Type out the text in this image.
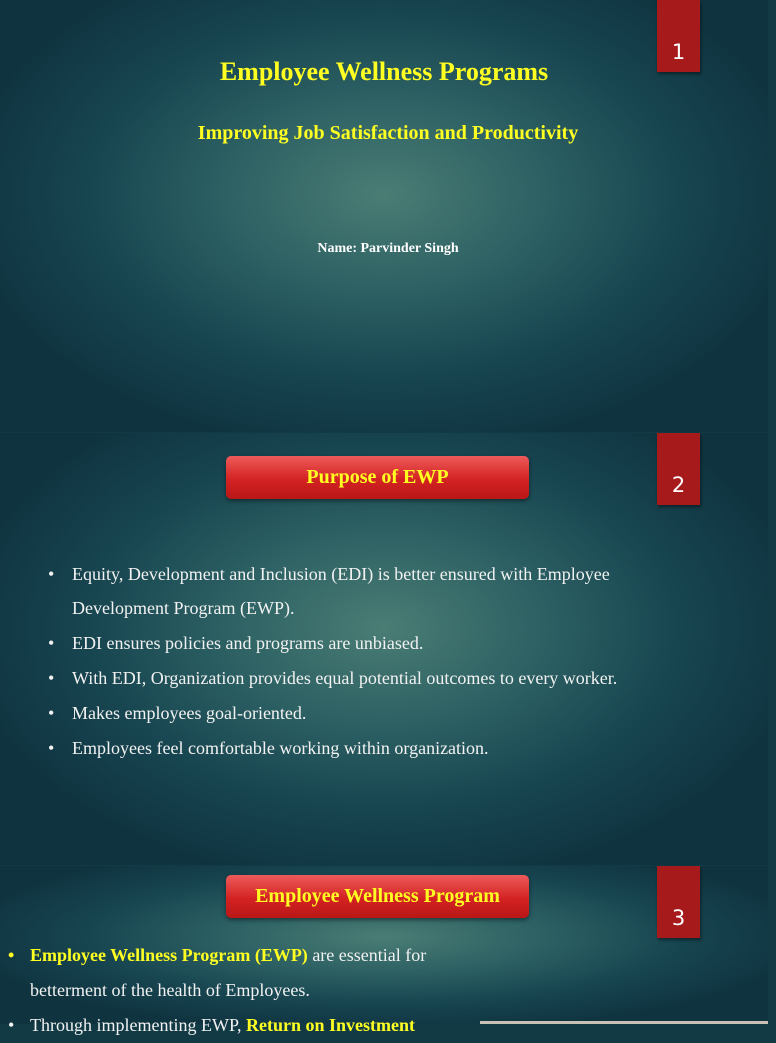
1
Employee Wellness Programs
Improving Job Satisfaction and Productivity
Name: Parvinder Singh
2
Purpose of EWP
• Equity, Development and Inclusion (EDI) is better ensured with Employee Development Program (EWP).
• EDI ensures policies and programs are unbiased.
• With EDI, Organization provides equal potential outcomes to every worker.
• Makes employees goal-oriented.
• Employees feel comfortable working within organization.
3
Employee Wellness Program
• Employee Wellness Program (EWP) are essential for betterment of the health of Employees.
• Through implementing EWP, Return on Investment
